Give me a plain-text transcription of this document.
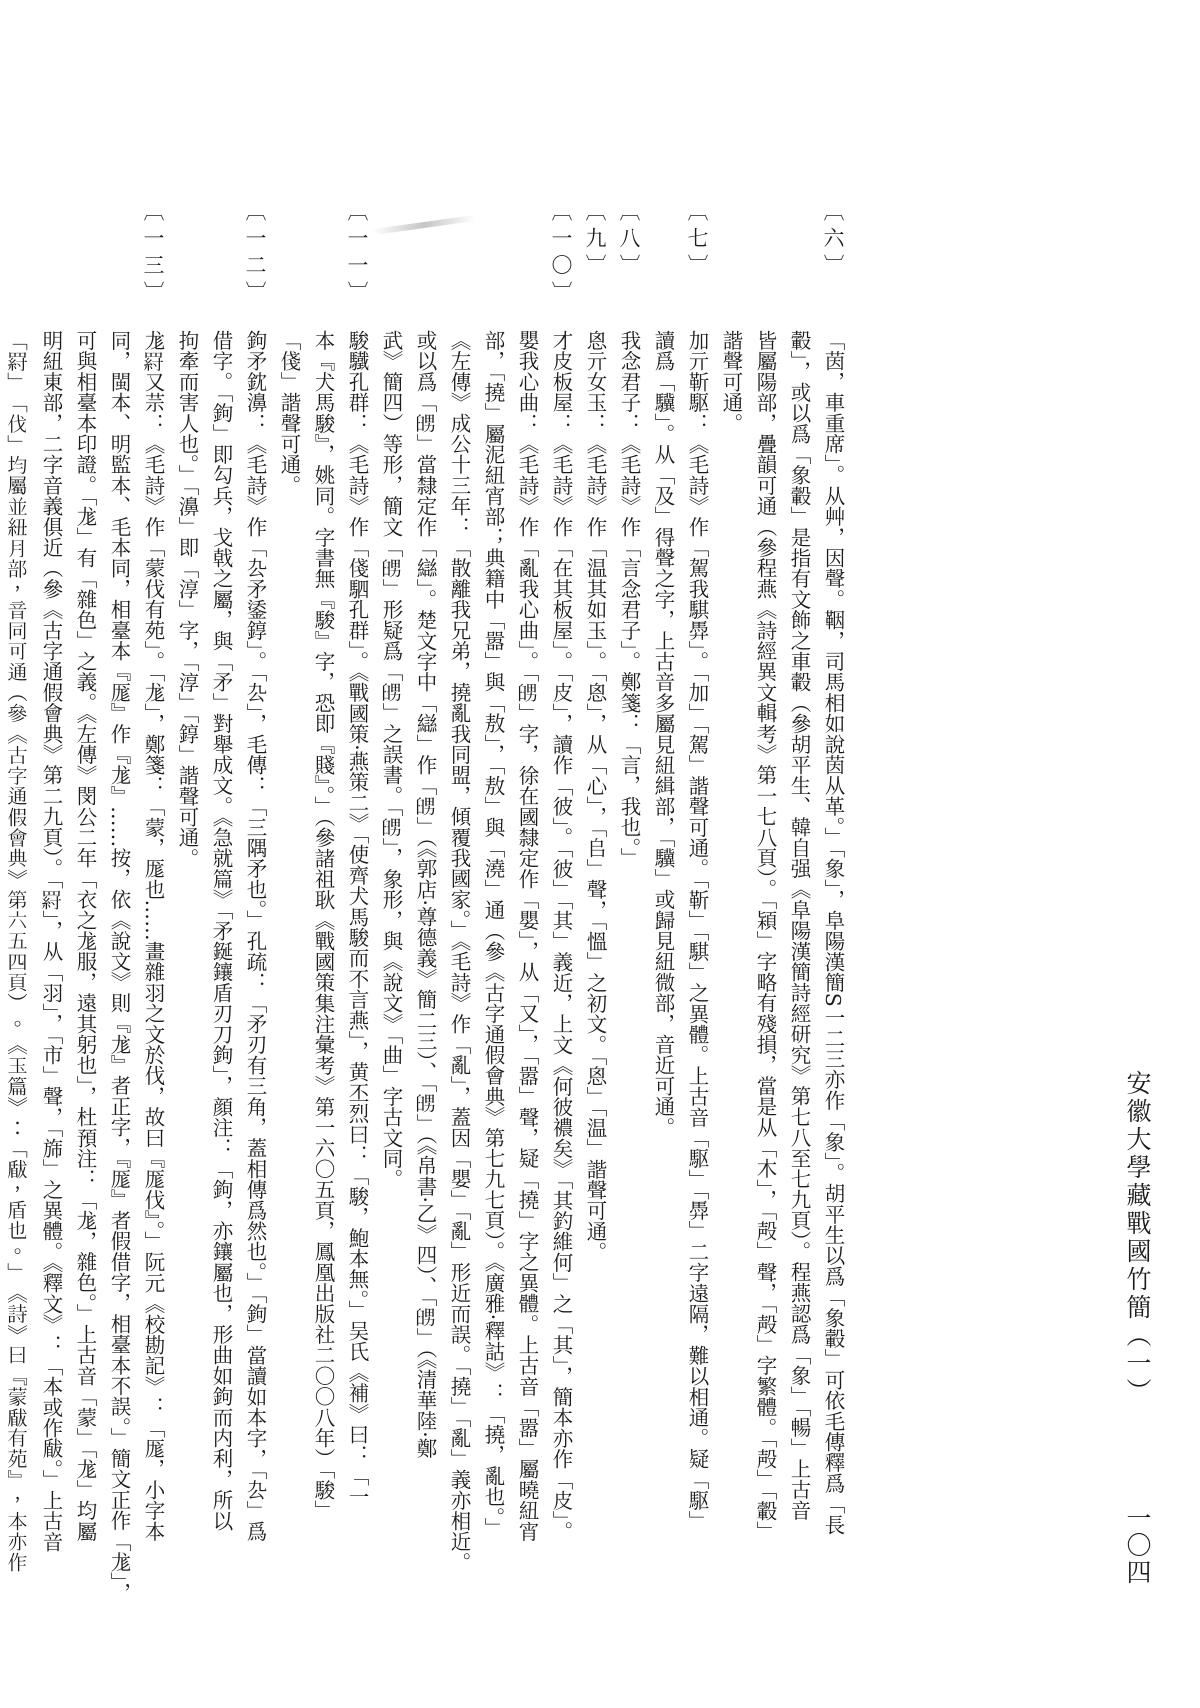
安徽大學藏戰國竹簡（一）
一〇四
〔六〕
「茵，車重席」。从艸，因聲。鞇，司馬相如說茵从革。」「象」，阜陽漢簡S一二三亦作「象」。胡平生以爲「象轂」可依毛傳釋爲「長
轂」，或以爲「象轂」是指有文飾之車轂（參胡平生、韓自强《阜陽漢簡詩經研究》第七八至七九頁）。程燕認爲「象」「暢」上古音
皆屬陽部，疊韻可通（參程燕《詩經異文輯考》第一七八頁）。「㯋」字略有殘損，當是从「木」，「殸」聲，「殸」字繁體。「殸」「轂」
諧聲可通。
〔七〕
加亓靳駆：《毛詩》作「駕我騏馵」。「加」「駕」諧聲可通。「靳」「騏」之異體。上古音「駆」「馵」二字遠隔，難以相通。疑「駆」
讀爲「驥」。从「及」得聲之字，上古音多屬見紐緝部，「驥」或歸見紐微部，音近可通。
〔八〕
我念君子：《毛詩》作「言念君子」。鄭箋：「言，我也。」
〔九〕
恖亓女玉：《毛詩》作「温其如玉」。「恖」，从「心」，「𠂤」聲，「慍」之初文。「恖」「温」諧聲可通。
〔一〇〕
才皮板屋：《毛詩》作「在其板屋」。「皮」，讀作「彼」。「彼」「其」義近，上文《何彼禯矣》「其釣維何」之「其」，簡本亦作「皮」。
嬰我心曲：《毛詩》作「亂我心曲」。「𦥶」字，徐在國隸定作「嬰」，从「又」，「嚣」聲，疑「撓」字之異體。上古音「嚣」屬曉紐宵
部，「撓」屬泥紐宵部；典籍中「嚣」與「敖」，「敖」與「澆」通（參《古字通假會典》第七九七頁）。《廣雅·釋詁》：「撓，亂也。」
《左傳》成公十三年：「散離我兄弟，撓亂我同盟，傾覆我國家。」《毛詩》作「亂」，蓋因「嬰」「亂」形近而誤。「撓」「亂」義亦相近。
或以爲「𦥶」當隸定作「䜌」。楚文字中「䜌」作「𦥶」（《郭店·尊德義》簡二三）、「𦥶」（《帛書·乙》四）、「𦥶」（《清華陸·鄭
武》簡四）等形，簡文「𦥶」形疑爲「𦥶」之誤書。「𦥶」，象形，與《說文》「曲」字古文同。
〔一一〕
駿驖孔群：《毛詩》作「俴駟孔群」。《戰國策·燕策二》「使齊犬馬駿而不言燕」，黄丕烈曰：「駿，鮑本無。」吴氏《補》曰：「一
本『犬馬駿』，姚同。字書無『駿』字，恐即『賤』。」（參諸祖耿《戰國策集注彙考》第一六〇五頁，鳳凰出版社二〇〇八年）「駿」
「俴」諧聲可通。
〔一二〕
鉤矛鈂濞：《毛詩》作「厹矛鋈錞」。「厹」，毛傳：「三隅矛也。」孔疏：「矛刃有三角，蓋相傳爲然也。」「鉤」當讀如本字，「厹」爲
借字。「鉤」即勾兵，戈戟之屬，與「矛」對舉成文。《急就篇》「矛鋋鑲盾刃刀鉤」，顔注：「鉤，亦鑲屬也，形曲如鉤而内利，所以
拘牽而害人也。」「濞」即「淳」字，「淳」「錞」諧聲可通。
〔一三〕
尨𦋝又䒬：《毛詩》作「蒙伐有苑」。「尨」，鄭箋：「蒙，厖也……畫雜羽之文於伐，故曰『厖伐』。」阮元《校勘記》：「厖，小字本
同，閩本、明監本、毛本同，相臺本『厖』作『尨』……按，依《說文》則『尨』者正字，『厖』者假借字，相臺本不誤。」簡文正作「尨」，
可與相臺本印證。「尨」有「雜色」之義。《左傳》閔公二年「衣之尨服，遠其躬也」，杜預注：「尨，雜色。」上古音「蒙」「尨」均屬
明紐東部，二字音義俱近（參《古字通假會典》第二九頁）。「𦋝」，从「羽」，「市」聲，「旆」之異體。《釋文》：「本或作瞂。」上古音
「𦋝」「伐」均屬並紐月部，音同可通（參《古字通假會典》第六五四頁）。《玉篇》：「瞂，盾也。」《詩》曰『蒙瞂有苑』，本亦作
